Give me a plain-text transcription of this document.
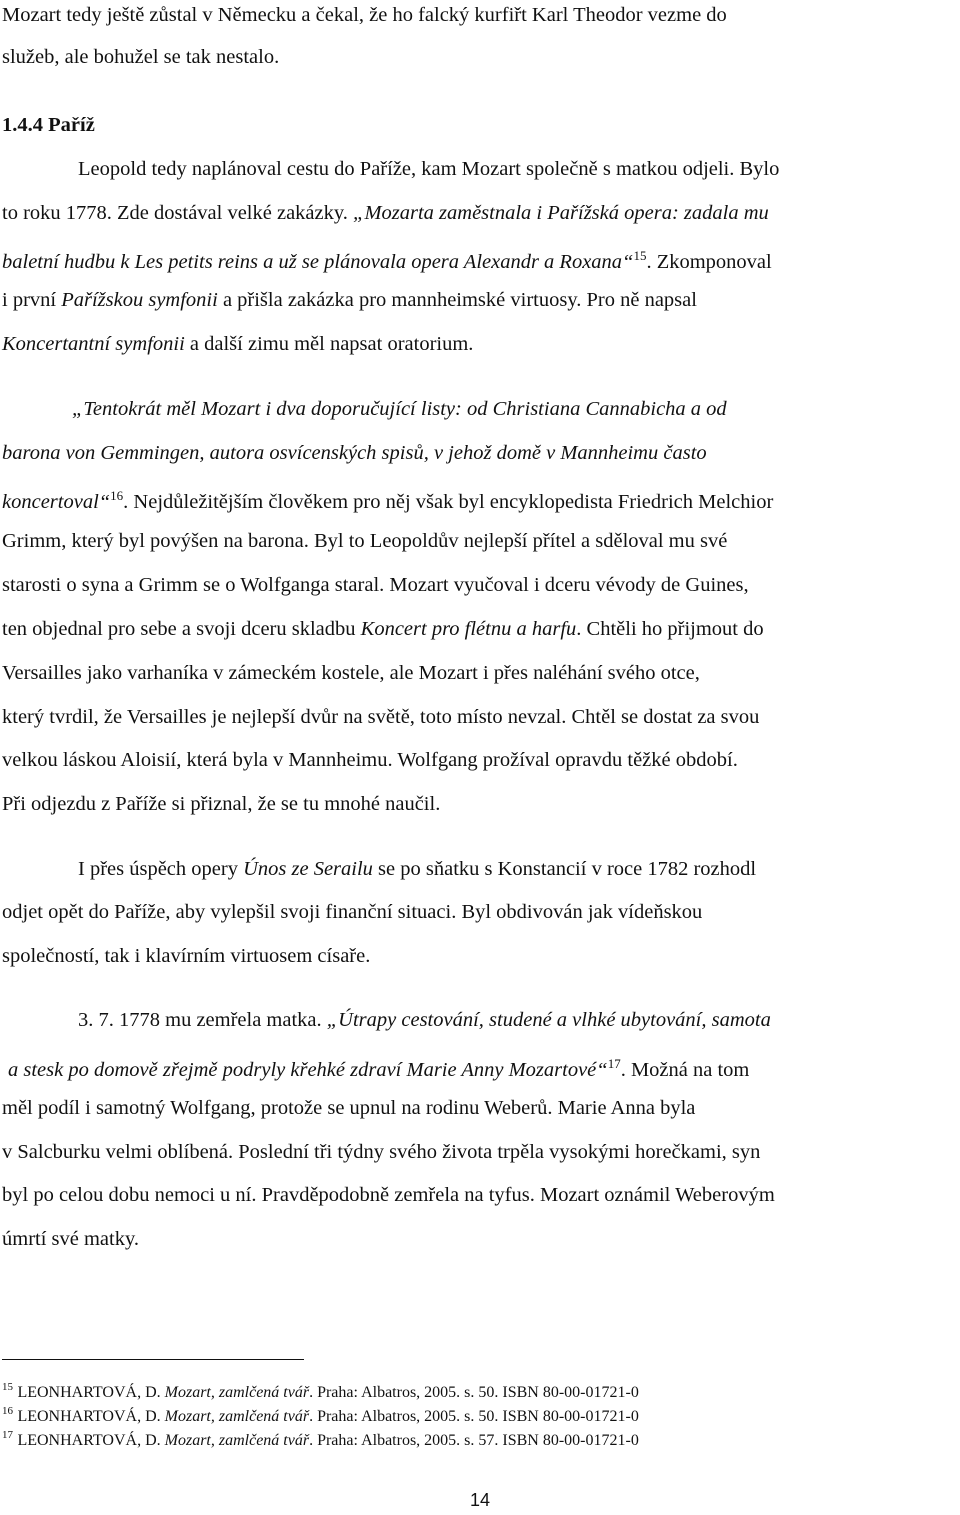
Mozart tedy ještě zůstal v Německu a čekal, že ho falcký kurfiřt Karl Theodor vezme do
služeb, ale bohužel se tak nestalo.
1.4.4 Paříž
Leopold tedy naplánoval cestu do Paříže, kam Mozart společně s matkou odjeli. Bylo
to roku 1778. Zde dostával velké zakázky. „Mozarta zaměstnala i Pařížská opera: zadala mu
baletní hudbu k Les petits reins a už se plánovala opera Alexandr a Roxana“$^{15}$. Zkomponoval
i první Pařížskou symfonii a přišla zakázka pro mannheimské virtuosy. Pro ně napsal
Koncertantní symfonii a další zimu měl napsat oratorium.
„Tentokrát měl Mozart i dva doporučující listy: od Christiana Cannabicha a od
barona von Gemmingen, autora osvícenských spisů, v jehož domě v Mannheimu často
koncertoval“$^{16}$. Nejdůležitějším člověkem pro něj však byl encyklopedista Friedrich Melchior
Grimm, který byl povýšen na barona. Byl to Leopoldův nejlepší přítel a sděloval mu své
starosti o syna a Grimm se o Wolfganga staral. Mozart vyučoval i dceru vévody de Guines,
ten objednal pro sebe a svoji dceru skladbu Koncert pro flétnu a harfu. Chtěli ho přijmout do
Versailles jako varhaníka v zámeckém kostele, ale Mozart i přes naléhání svého otce,
který tvrdil, že Versailles je nejlepší dvůr na světě, toto místo nevzal. Chtěl se dostat za svou
velkou láskou Aloisií, která byla v Mannheimu. Wolfgang prožíval opravdu těžké období.
Při odjezdu z Paříže si přiznal, že se tu mnohé naučil.
I přes úspěch opery Únos ze Serailu se po sňatku s Konstancií v roce 1782 rozhodl
odjet opět do Paříže, aby vylepšil svoji finanční situaci. Byl obdivován jak vídeňskou
společností, tak i klavírním virtuosem císaře.
3. 7. 1778 mu zemřela matka. „Útrapy cestování, studené a vlhké ubytování, samota
a stesk po domově zřejmě podryly křehké zdraví Marie Anny Mozartové“$^{17}$. Možná na tom
měl podíl i samotný Wolfgang, protože se upnul na rodinu Weberů. Marie Anna byla
v Salcburku velmi oblíbená. Poslední tři týdny svého života trpěla vysokými horečkami, syn
byl po celou dobu nemoci u ní. Pravděpodobně zemřela na tyfus. Mozart oznámil Weberovým
úmrtí své matky.
$^{15}$ LEONHARTOVÁ, D. Mozart, zamlčená tvář. Praha: Albatros, 2005. s. 50. ISBN 80-00-01721-0
$^{16}$ LEONHARTOVÁ, D. Mozart, zamlčená tvář. Praha: Albatros, 2005. s. 50. ISBN 80-00-01721-0
$^{17}$ LEONHARTOVÁ, D. Mozart, zamlčená tvář. Praha: Albatros, 2005. s. 57. ISBN 80-00-01721-0
14
